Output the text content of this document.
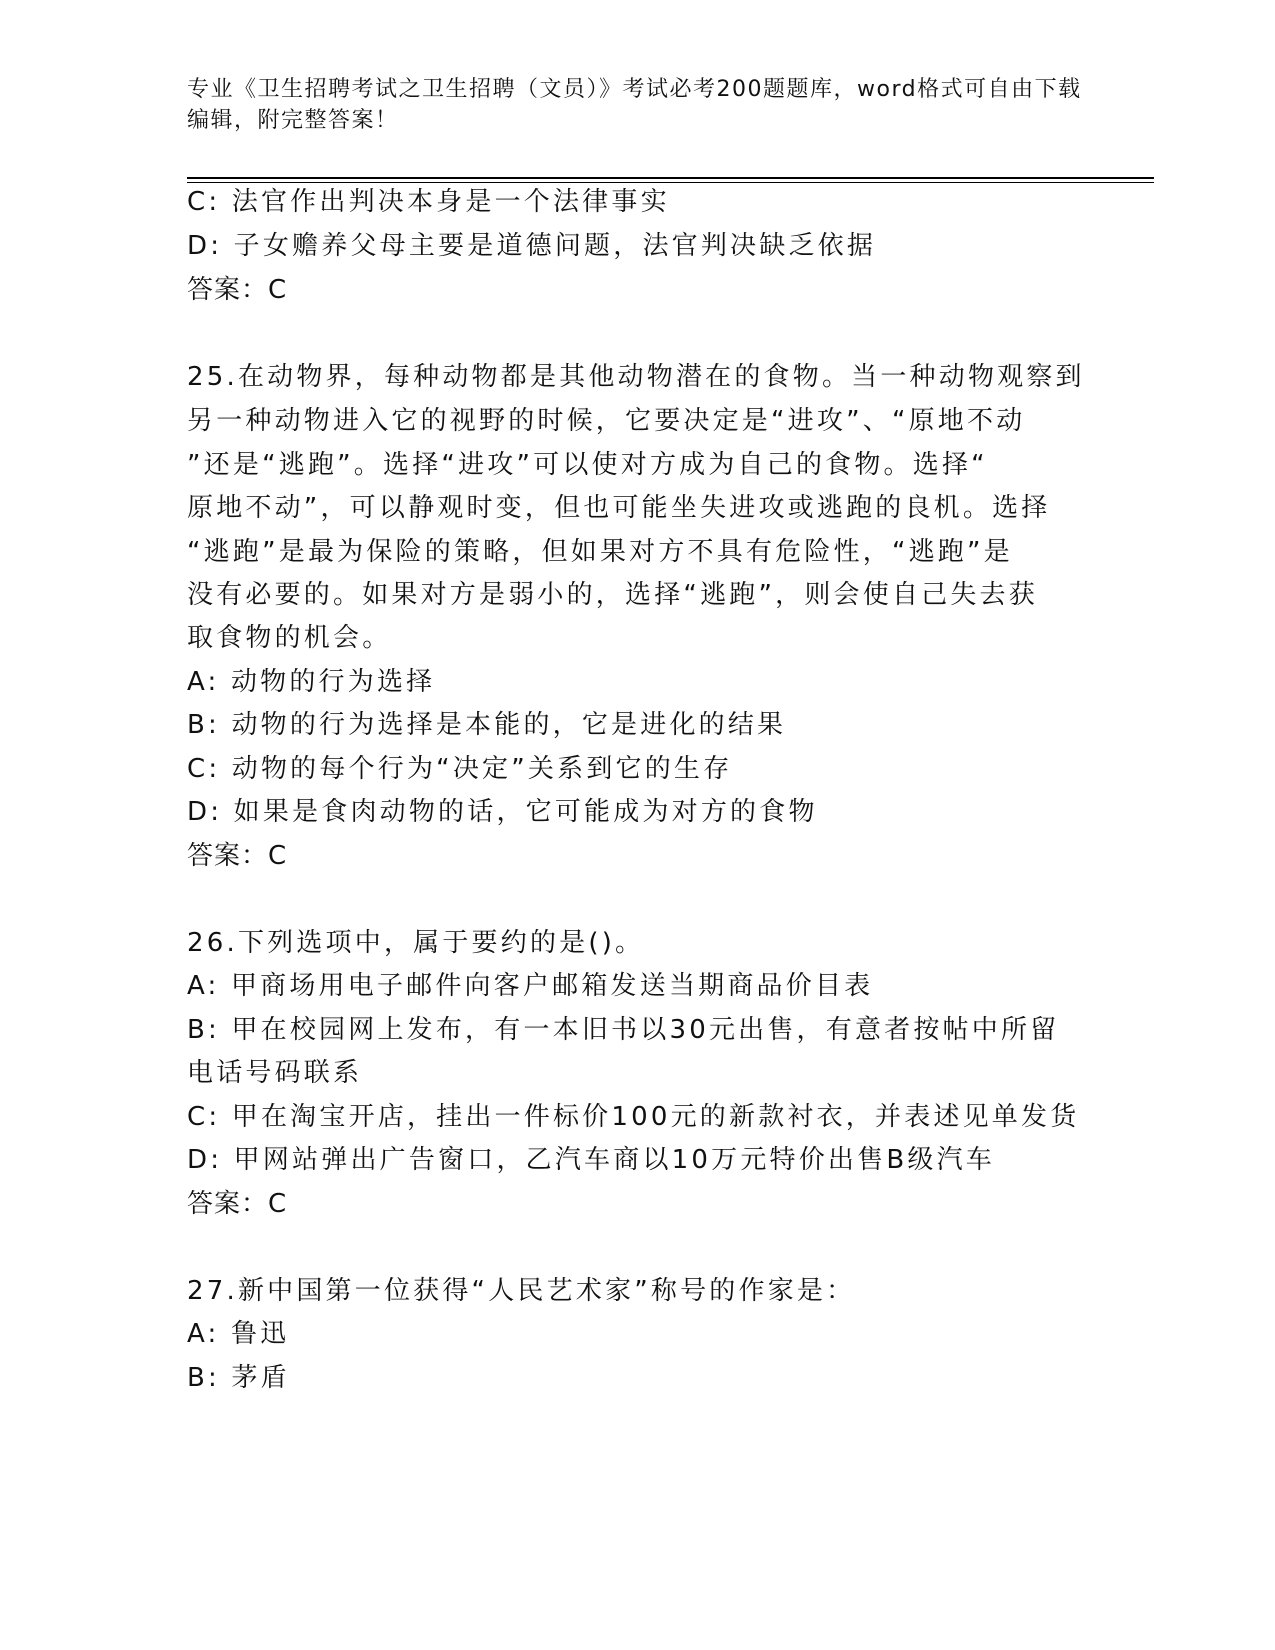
专业《卫生招聘考试之卫生招聘（文员）》考试必考200题题库，word格式可自由下载编辑，附完整答案！
C: 法官作出判决本身是一个法律事实
D: 子女赡养父母主要是道德问题，法官判决缺乏依据
答案：C
25.在动物界，每种动物都是其他动物潜在的食物。当一种动物观察到
另一种动物进入它的视野的时候，它要决定是“进攻”、“原地不动
”还是“逃跑”。选择“进攻”可以使对方成为自己的食物。选择“
原地不动”，可以静观时变，但也可能坐失进攻或逃跑的良机。选择
“逃跑”是最为保险的策略，但如果对方不具有危险性，“逃跑”是
没有必要的。如果对方是弱小的，选择“逃跑”，则会使自己失去获
取食物的机会。
A: 动物的行为选择
B: 动物的行为选择是本能的，它是进化的结果
C: 动物的每个行为“决定”关系到它的生存
D: 如果是食肉动物的话，它可能成为对方的食物
答案：C
26.下列选项中，属于要约的是()。
A: 甲商场用电子邮件向客户邮箱发送当期商品价目表
B: 甲在校园网上发布，有一本旧书以30元出售，有意者按帖中所留
电话号码联系
C: 甲在淘宝开店，挂出一件标价100元的新款衬衣，并表述见单发货
D: 甲网站弹出广告窗口，乙汽车商以10万元特价出售B级汽车
答案：C
27.新中国第一位获得“人民艺术家”称号的作家是：
A: 鲁迅
B: 茅盾
